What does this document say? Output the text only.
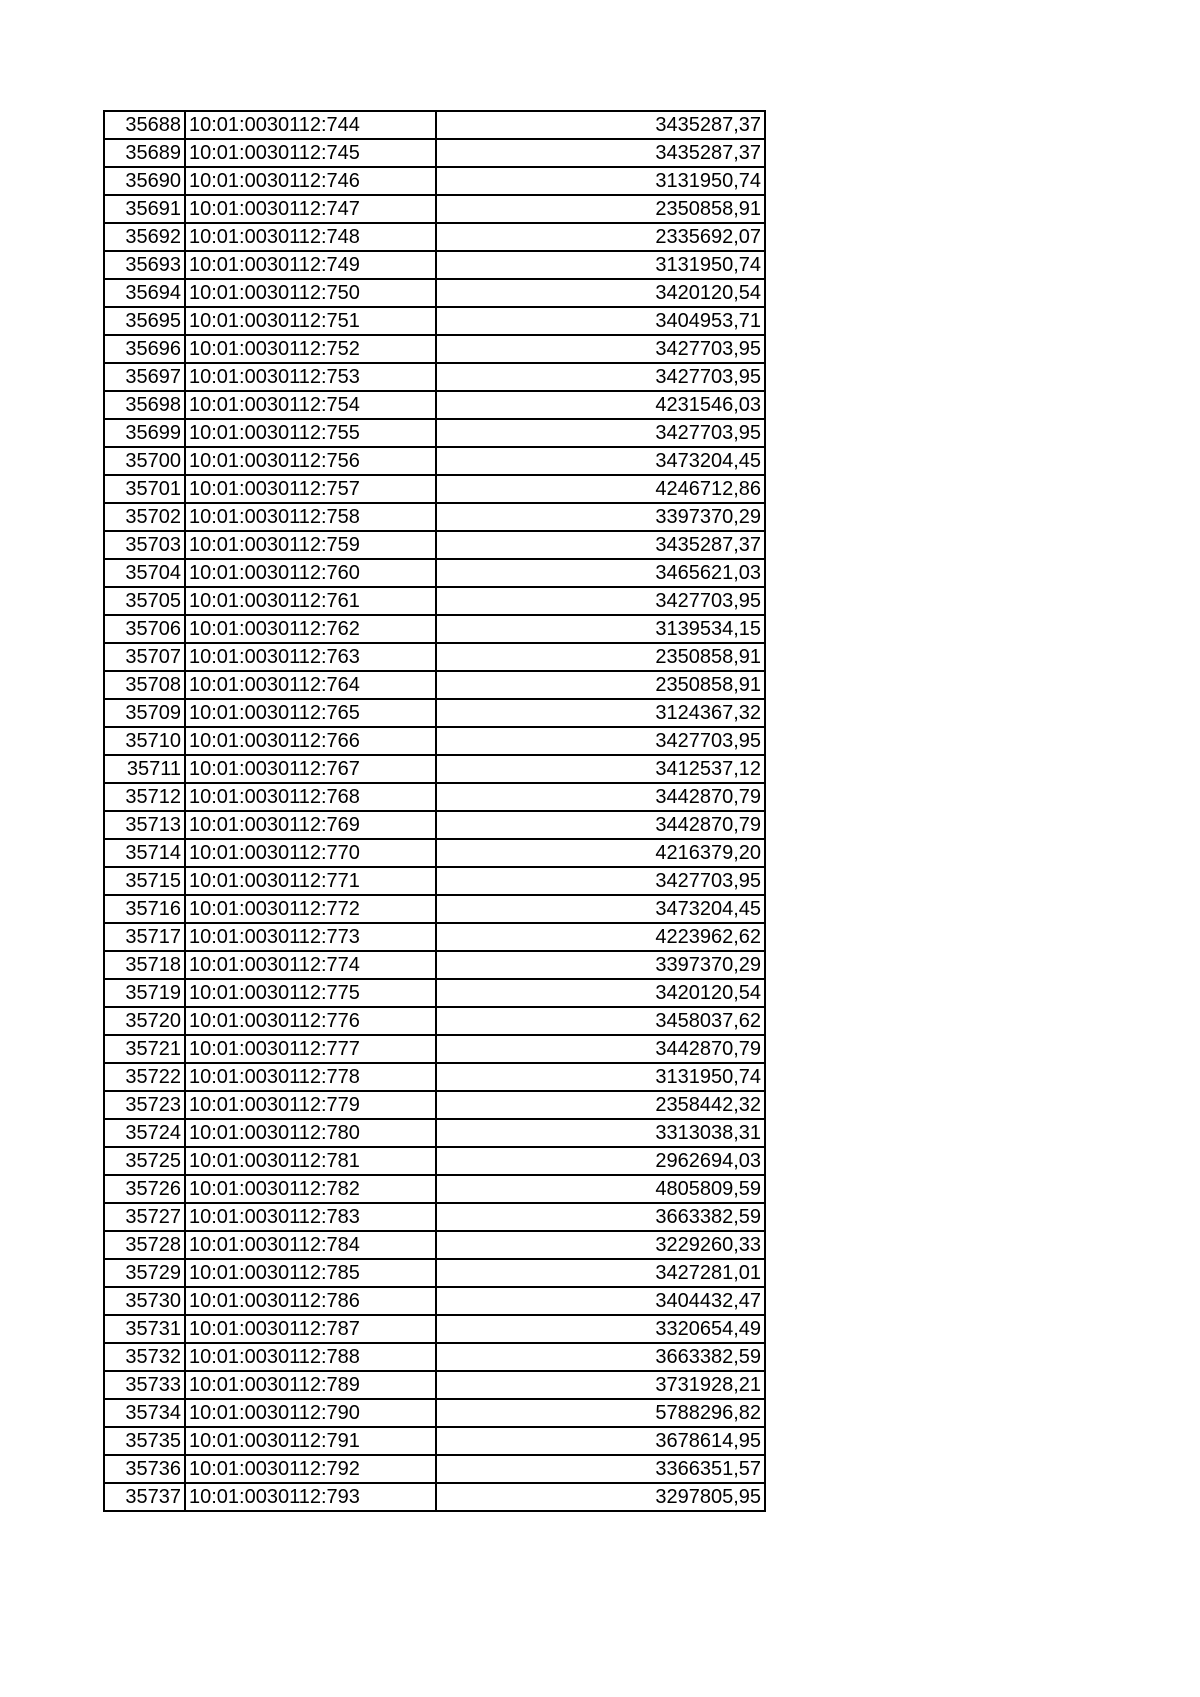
35688	10:01:0030112:744	3435287,37
35689	10:01:0030112:745	3435287,37
35690	10:01:0030112:746	3131950,74
35691	10:01:0030112:747	2350858,91
35692	10:01:0030112:748	2335692,07
35693	10:01:0030112:749	3131950,74
35694	10:01:0030112:750	3420120,54
35695	10:01:0030112:751	3404953,71
35696	10:01:0030112:752	3427703,95
35697	10:01:0030112:753	3427703,95
35698	10:01:0030112:754	4231546,03
35699	10:01:0030112:755	3427703,95
35700	10:01:0030112:756	3473204,45
35701	10:01:0030112:757	4246712,86
35702	10:01:0030112:758	3397370,29
35703	10:01:0030112:759	3435287,37
35704	10:01:0030112:760	3465621,03
35705	10:01:0030112:761	3427703,95
35706	10:01:0030112:762	3139534,15
35707	10:01:0030112:763	2350858,91
35708	10:01:0030112:764	2350858,91
35709	10:01:0030112:765	3124367,32
35710	10:01:0030112:766	3427703,95
35711	10:01:0030112:767	3412537,12
35712	10:01:0030112:768	3442870,79
35713	10:01:0030112:769	3442870,79
35714	10:01:0030112:770	4216379,20
35715	10:01:0030112:771	3427703,95
35716	10:01:0030112:772	3473204,45
35717	10:01:0030112:773	4223962,62
35718	10:01:0030112:774	3397370,29
35719	10:01:0030112:775	3420120,54
35720	10:01:0030112:776	3458037,62
35721	10:01:0030112:777	3442870,79
35722	10:01:0030112:778	3131950,74
35723	10:01:0030112:779	2358442,32
35724	10:01:0030112:780	3313038,31
35725	10:01:0030112:781	2962694,03
35726	10:01:0030112:782	4805809,59
35727	10:01:0030112:783	3663382,59
35728	10:01:0030112:784	3229260,33
35729	10:01:0030112:785	3427281,01
35730	10:01:0030112:786	3404432,47
35731	10:01:0030112:787	3320654,49
35732	10:01:0030112:788	3663382,59
35733	10:01:0030112:789	3731928,21
35734	10:01:0030112:790	5788296,82
35735	10:01:0030112:791	3678614,95
35736	10:01:0030112:792	3366351,57
35737	10:01:0030112:793	3297805,95
